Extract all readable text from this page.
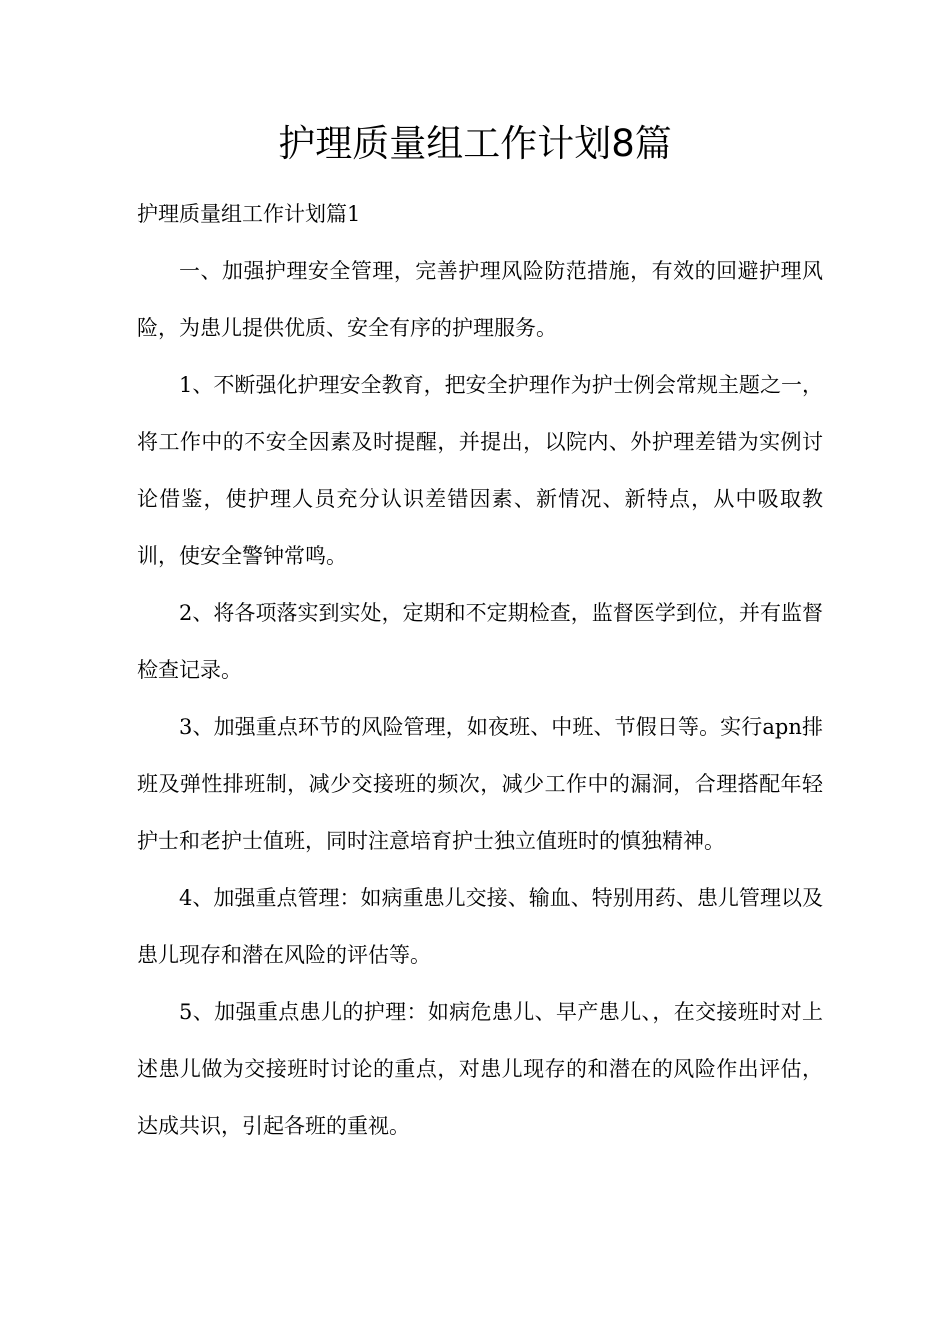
护理质量组工作计划8篇

护理质量组工作计划篇1

一、加强护理安全管理，完善护理风险防范措施，有效的回避护理风险，为患儿提供优质、安全有序的护理服务。

1、不断强化护理安全教育，把安全护理作为护士例会常规主题之一，将工作中的不安全因素及时提醒，并提出，以院内、外护理差错为实例讨论借鉴，使护理人员充分认识差错因素、新情况、新特点，从中吸取教训，使安全警钟常鸣。

2、将各项落实到实处，定期和不定期检查，监督医学到位，并有监督检查记录。

3、加强重点环节的风险管理，如夜班、中班、节假日等。实行apn排班及弹性排班制，减少交接班的频次，减少工作中的漏洞，合理搭配年轻护士和老护士值班，同时注意培育护士独立值班时的慎独精神。

4、加强重点管理：如病重患儿交接、输血、特别用药、患儿管理以及患儿现存和潜在风险的评估等。

5、加强重点患儿的护理：如病危患儿、早产患儿、，在交接班时对上述患儿做为交接班时讨论的重点，对患儿现存的和潜在的风险作出评估，达成共识，引起各班的重视。
